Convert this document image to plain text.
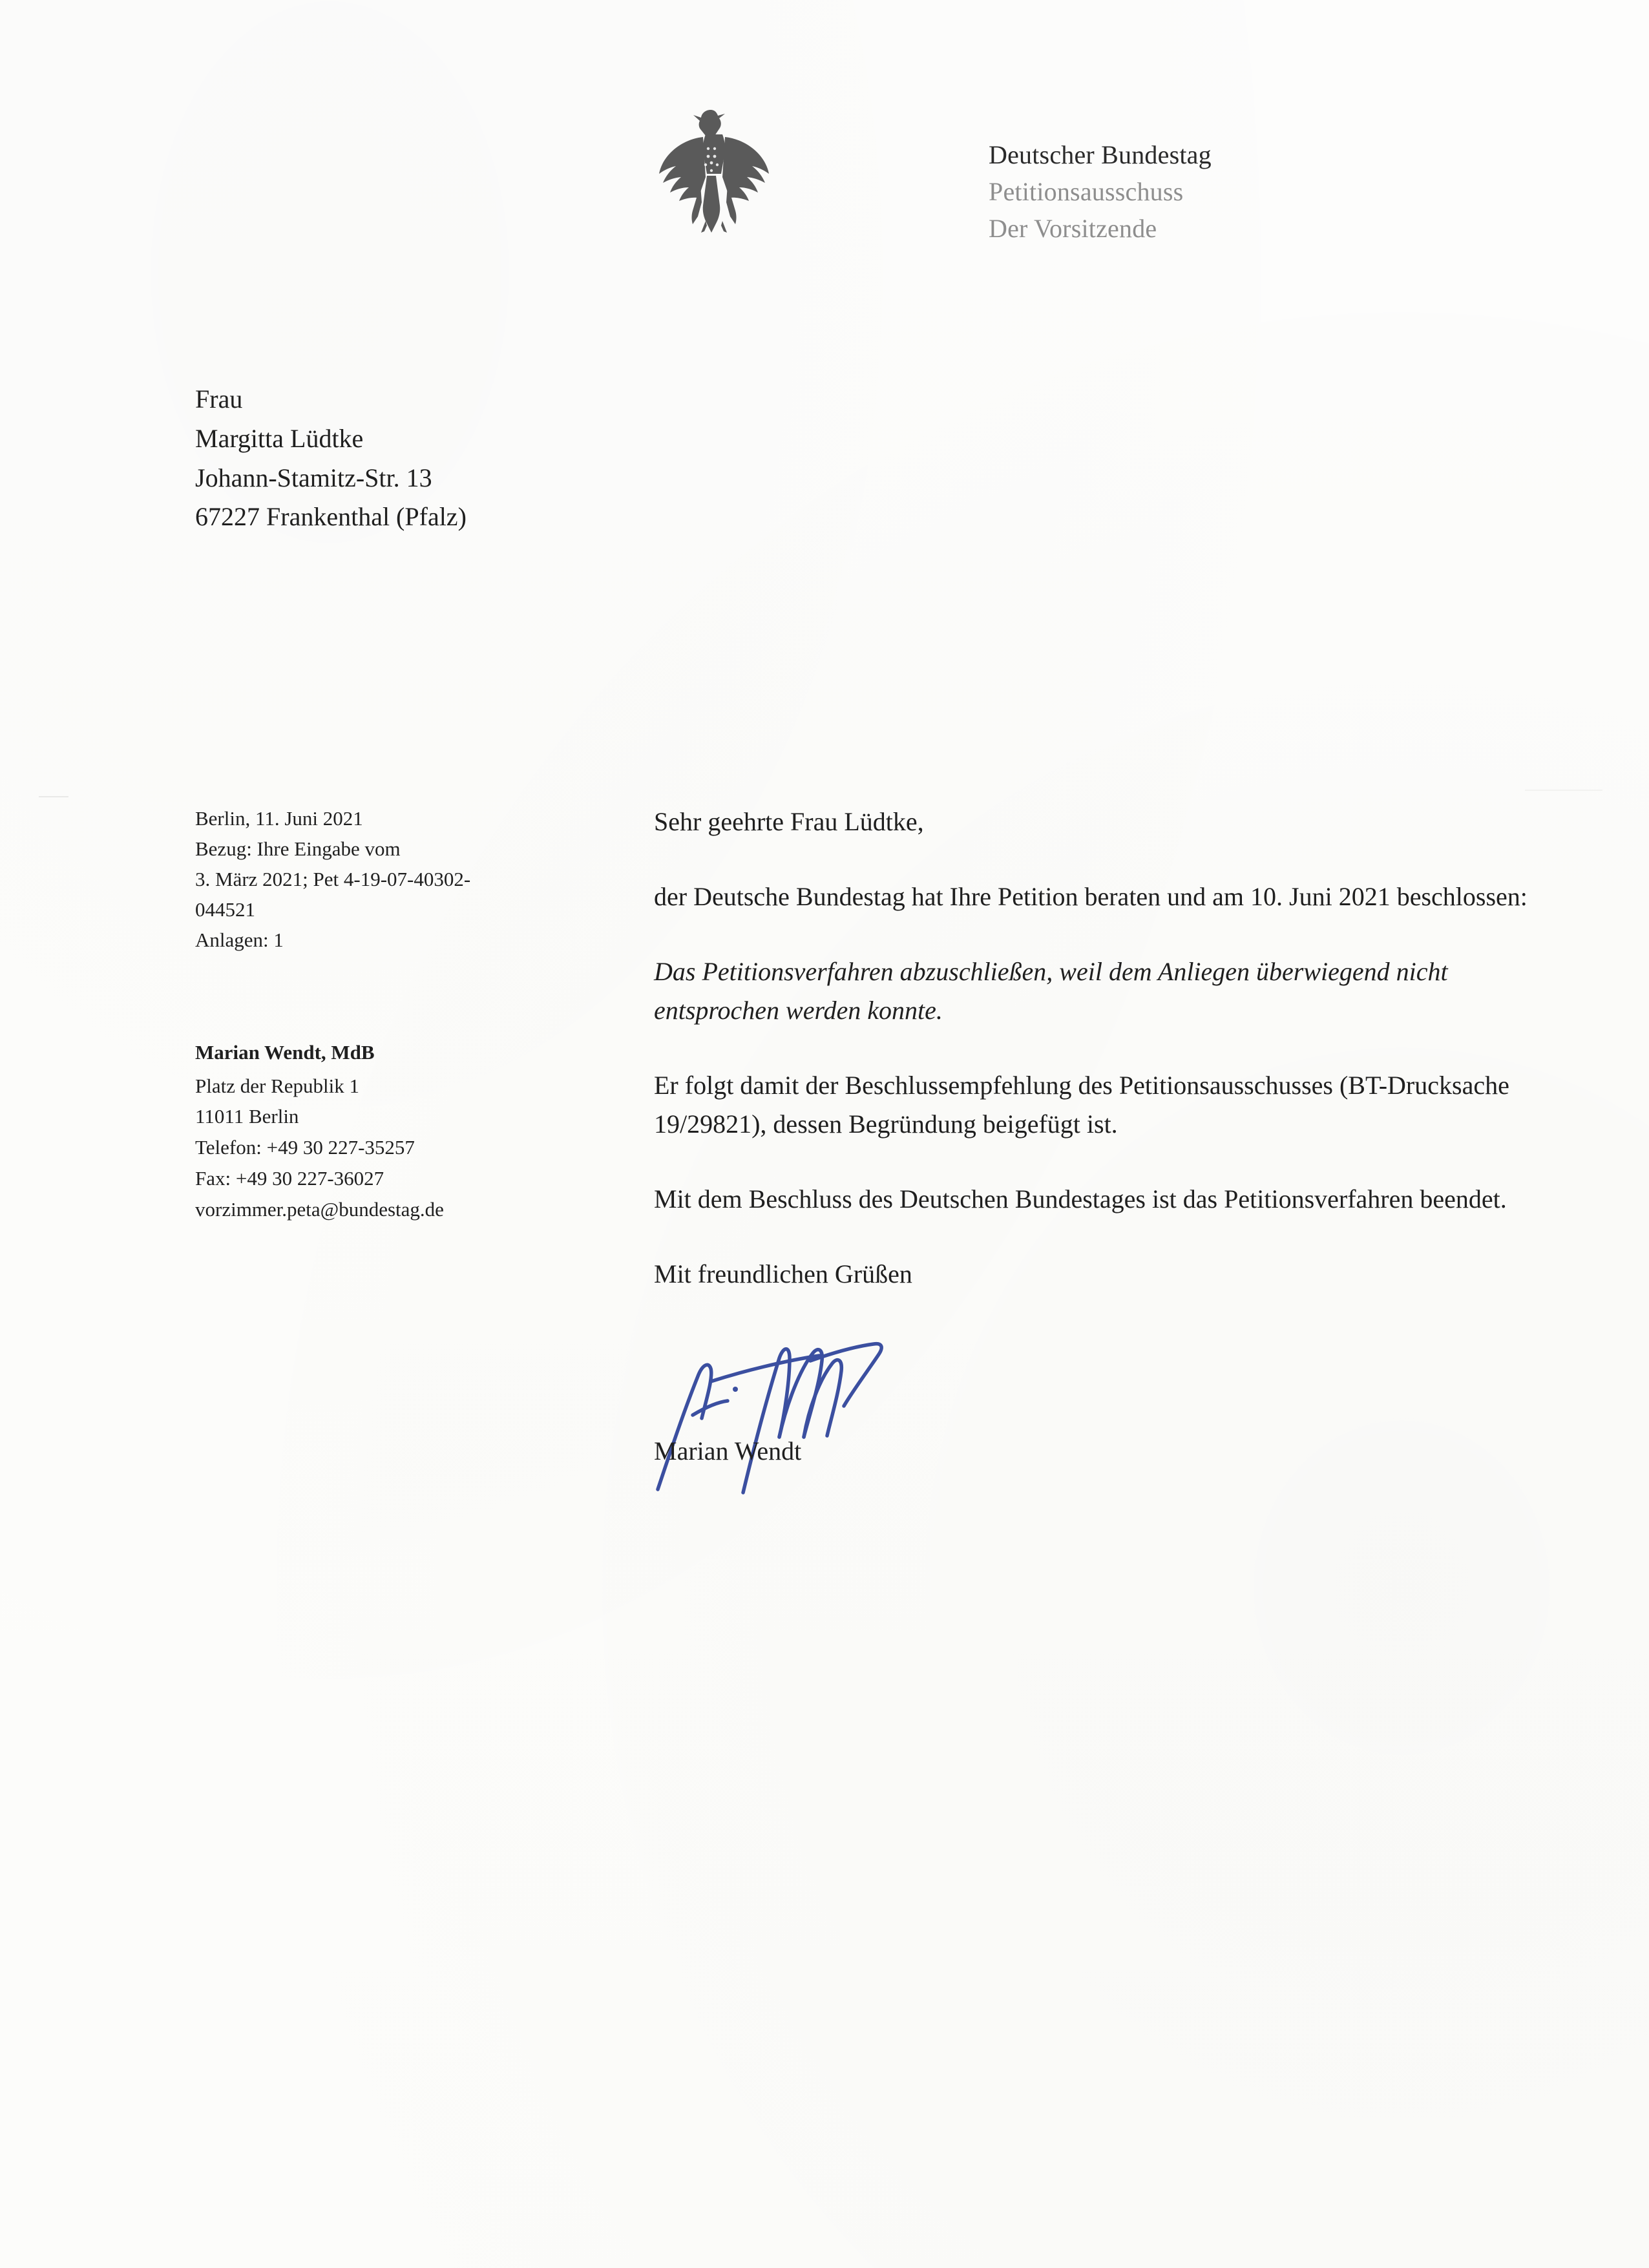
Deutscher Bundestag
Petitionsausschuss
Der Vorsitzende
Frau
Margitta Lüdtke
Johann-Stamitz-Str. 13
67227 Frankenthal (Pfalz)
Berlin, 11. Juni 2021
Bezug: Ihre Eingabe vom
3. März 2021; Pet 4-19-07-40302-
044521
Anlagen: 1
Marian Wendt, MdB
Platz der Republik 1
11011 Berlin
Telefon: +49 30 227-35257
Fax: +49 30 227-36027
vorzimmer.peta@bundestag.de

Sehr geehrte Frau Lüdtke,

der Deutsche Bundestag hat Ihre Petition beraten und am 10. Juni 2021 beschlossen:

Das Petitionsverfahren abzuschließen, weil dem Anliegen überwiegend nicht entsprochen werden konnte.

Er folgt damit der Beschlussempfehlung des Petitionsausschusses (BT-Drucksache 19/29821), dessen Begründung beigefügt ist.

Mit dem Beschluss des Deutschen Bundestages ist das Petitionsverfahren beendet.

Mit freundlichen Grüßen

Marian Wendt
